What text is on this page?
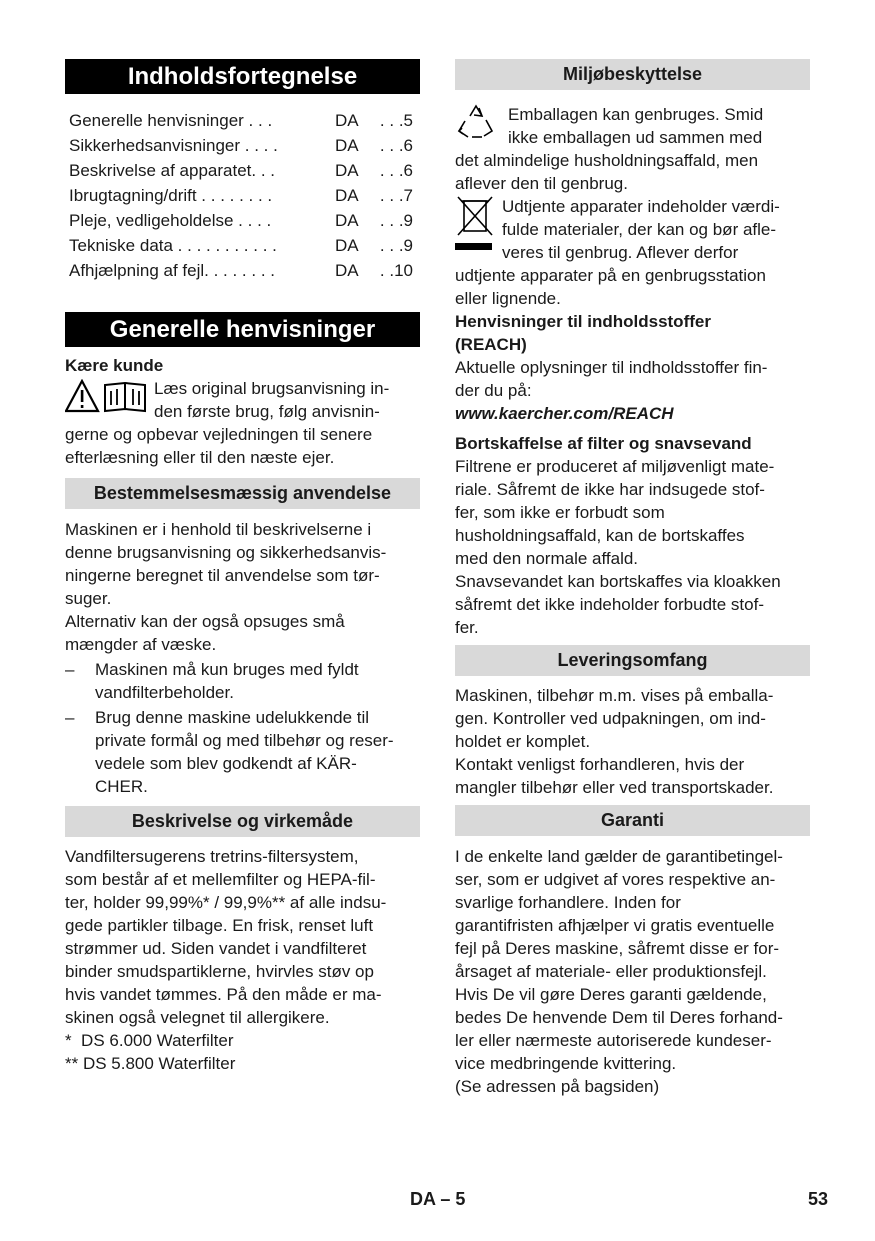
Indholdsfortegnelse
Generelle henvisninger . . .	DA . . .5
Sikkerhedsanvisninger . . . .	DA . . .6
Beskrivelse af apparatet. . .	DA . . .6
Ibrugtagning/drift . . . . . . . .	DA . . .7
Pleje, vedligeholdelse . . . .	DA . . .9
Tekniske data . . . . . . . . . . .	DA . . .9
Afhjælpning af fejl. . . . . . . .	DA . .10
Generelle henvisninger
Kære kunde
Læs original brugsanvisning in-
den første brug, følg anvisnin-
gerne og opbevar vejledningen til senere
efterlæsning eller til den næste ejer.
Bestemmelsesmæssig anvendelse
Maskinen er i henhold til beskrivelserne i
denne brugsanvisning og sikkerhedsanvis-
ningerne beregnet til anvendelse som tør-
suger.
Alternativ kan der også opsuges små
mængder af væske.
– Maskinen må kun bruges med fyldt
vandfilterbeholder.
– Brug denne maskine udelukkende til
private formål og med tilbehør og reser-
vedele som blev godkendt af KÄR-
CHER.
Beskrivelse og virkemåde
Vandfiltersugerens tretrins-filtersystem,
som består af et mellemfilter og HEPA-fil-
ter, holder 99,99%* / 99,9%** af alle indsu-
gede partikler tilbage. En frisk, renset luft
strømmer ud. Siden vandet i vandfilteret
binder smudspartiklerne, hvirvles støv op
hvis vandet tømmes. På den måde er ma-
skinen også velegnet til allergikere.
*  DS 6.000 Waterfilter
** DS 5.800 Waterfilter
Miljøbeskyttelse
Emballagen kan genbruges. Smid
ikke emballagen ud sammen med
det almindelige husholdningsaffald, men
aflever den til genbrug.
Udtjente apparater indeholder værdi-
fulde materialer, der kan og bør afle-
veres til genbrug. Aflever derfor
udtjente apparater på en genbrugsstation
eller lignende.
Henvisninger til indholdsstoffer
(REACH)
Aktuelle oplysninger til indholdsstoffer fin-
der du på:
www.kaercher.com/REACH
Bortskaffelse af filter og snavsevand
Filtrene er produceret af miljøvenligt mate-
riale. Såfremt de ikke har indsugede stof-
fer, som ikke er forbudt som
husholdningsaffald, kan de bortskaffes
med den normale affald.
Snavsevandet kan bortskaffes via kloakken
såfremt det ikke indeholder forbudte stof-
fer.
Leveringsomfang
Maskinen, tilbehør m.m. vises på emballa-
gen. Kontroller ved udpakningen, om ind-
holdet er komplet.
Kontakt venligst forhandleren, hvis der
mangler tilbehør eller ved transportskader.
Garanti
I de enkelte land gælder de garantibetingel-
ser, som er udgivet af vores respektive an-
svarlige forhandlere. Inden for
garantifristen afhjælper vi gratis eventuelle
fejl på Deres maskine, såfremt disse er for-
årsaget af materiale- eller produktionsfejl.
Hvis De vil gøre Deres garanti gældende,
bedes De henvende Dem til Deres forhand-
ler eller nærmeste autoriserede kundeser-
vice medbringende kvittering.
(Se adressen på bagsiden)
DA – 5	53
